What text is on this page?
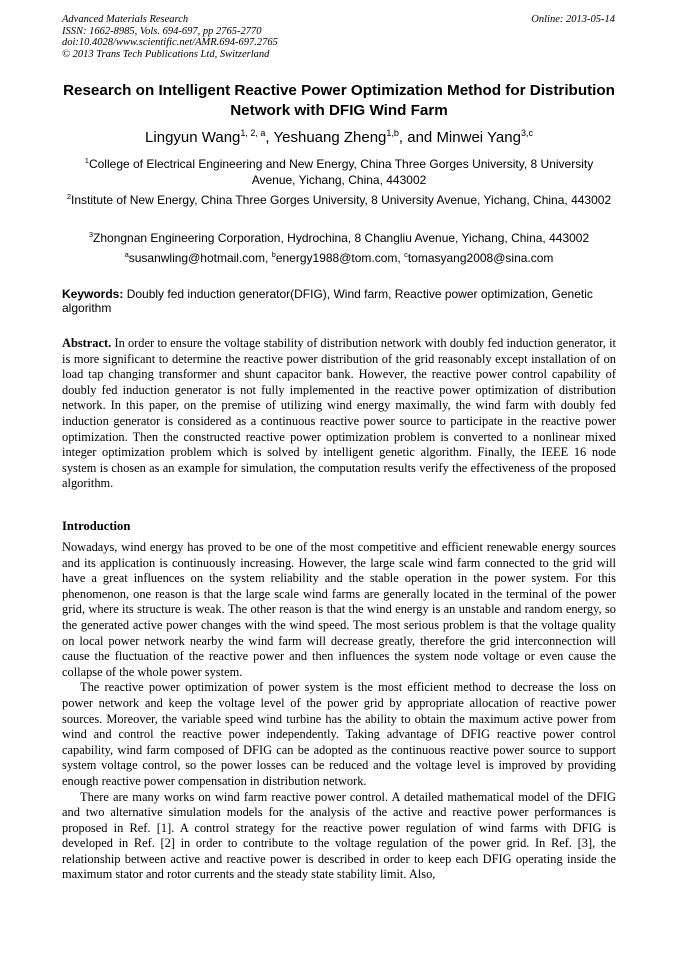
Advanced Materials Research
ISSN: 1662-8985, Vols. 694-697, pp 2765-2770
doi:10.4028/www.scientific.net/AMR.694-697.2765
© 2013 Trans Tech Publications Ltd, Switzerland
Online: 2013-05-14
Research on Intelligent Reactive Power Optimization Method for Distribution Network with DFIG Wind Farm
Lingyun Wang$^{1, 2, a}$, Yeshuang Zheng$^{1,b}$, and Minwei Yang$^{3,c}$
$^1$College of Electrical Engineering and New Energy, China Three Gorges University, 8 University Avenue, Yichang, China, 443002
$^2$Institute of New Energy, China Three Gorges University, 8 University Avenue, Yichang, China, 443002
$^3$Zhongnan Engineering Corporation, Hydrochina, 8 Changliu Avenue, Yichang, China, 443002
$^a$susanwling@hotmail.com, $^b$energy1988@tom.com, $^c$tomasyang2008@sina.com
Keywords: Doubly fed induction generator(DFIG), Wind farm, Reactive power optimization, Genetic algorithm
Abstract. In order to ensure the voltage stability of distribution network with doubly fed induction generator, it is more significant to determine the reactive power distribution of the grid reasonably except installation of on load tap changing transformer and shunt capacitor bank. However, the reactive power control capability of doubly fed induction generator is not fully implemented in the reactive power optimization of distribution network. In this paper, on the premise of utilizing wind energy maximally, the wind farm with doubly fed induction generator is considered as a continuous reactive power source to participate in the reactive power optimization. Then the constructed reactive power optimization problem is converted to a nonlinear mixed integer optimization problem which is solved by intelligent genetic algorithm. Finally, the IEEE 16 node system is chosen as an example for simulation, the computation results verify the effectiveness of the proposed algorithm.
Introduction

Nowadays, wind energy has proved to be one of the most competitive and efficient renewable energy sources and its application is continuously increasing. However, the large scale wind farm connected to the grid will have a great influences on the system reliability and the stable operation in the power system. For this phenomenon, one reason is that the large scale wind farms are generally located in the terminal of the power grid, where its structure is weak. The other reason is that the wind energy is an unstable and random energy, so the generated active power changes with the wind speed. The most serious problem is that the voltage quality on local power network nearby the wind farm will decrease greatly, therefore the grid interconnection will cause the fluctuation of the reactive power and then influences the system node voltage or even cause the collapse of the whole power system.

The reactive power optimization of power system is the most efficient method to decrease the loss on power network and keep the voltage level of the power grid by appropriate allocation of reactive power sources. Moreover, the variable speed wind turbine has the ability to obtain the maximum active power from wind and control the reactive power independently. Taking advantage of DFIG reactive power control capability, wind farm composed of DFIG can be adopted as the continuous reactive power source to support system voltage control, so the power losses can be reduced and the voltage level is improved by providing enough reactive power compensation in distribution network.

There are many works on wind farm reactive power control. A detailed mathematical model of the DFIG and two alternative simulation models for the analysis of the active and reactive power performances is proposed in Ref. [1]. A control strategy for the reactive power regulation of wind farms with DFIG is developed in Ref. [2] in order to contribute to the voltage regulation of the power grid. In Ref. [3], the relationship between active and reactive power is described in order to keep each DFIG operating inside the maximum stator and rotor currents and the steady state stability limit. Also,
